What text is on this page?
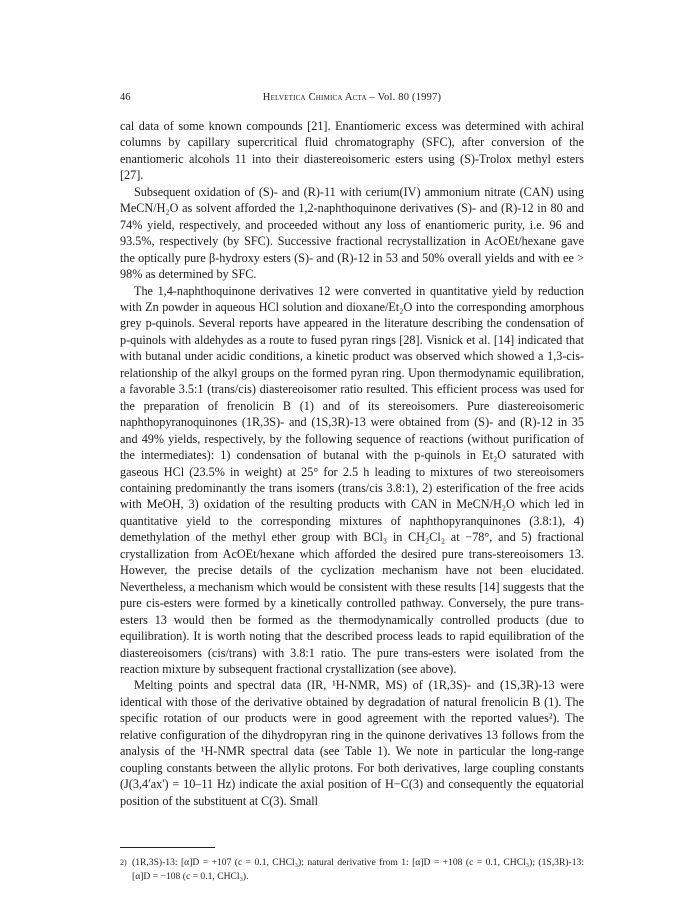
46	Helvetica Chimica Acta – Vol. 80 (1997)

cal data of some known compounds [21]. Enantiomeric excess was determined with achiral columns by capillary supercritical fluid chromatography (SFC), after conversion of the enantiomeric alcohols 11 into their diastereoisomeric esters using (S)-Trolox methyl esters [27].

Subsequent oxidation of (S)- and (R)-11 with cerium(IV) ammonium nitrate (CAN) using MeCN/H₂O as solvent afforded the 1,2-naphthoquinone derivatives (S)- and (R)-12 in 80 and 74% yield, respectively, and proceeded without any loss of enantiomeric purity, i.e. 96 and 93.5%, respectively (by SFC). Successive fractional recrystallization in AcOEt/hexane gave the optically pure β-hydroxy esters (S)- and (R)-12 in 53 and 50% overall yields and with ee > 98% as determined by SFC.

The 1,4-naphthoquinone derivatives 12 were converted in quantitative yield by reduction with Zn powder in aqueous HCl solution and dioxane/Et₂O into the corresponding amorphous grey p-quinols. Several reports have appeared in the literature describing the condensation of p-quinols with aldehydes as a route to fused pyran rings [28]. Visnick et al. [14] indicated that with butanal under acidic conditions, a kinetic product was observed which showed a 1,3-cis-relationship of the alkyl groups on the formed pyran ring. Upon thermodynamic equilibration, a favorable 3.5:1 (trans/cis) diastereoisomer ratio resulted. This efficient process was used for the preparation of frenolicin B (1) and of its stereoisomers. Pure diastereoisomeric naphthopyranoquinones (1R,3S)- and (1S,3R)-13 were obtained from (S)- and (R)-12 in 35 and 49% yields, respectively, by the following sequence of reactions (without purification of the intermediates): 1) condensation of butanal with the p-quinols in Et₂O saturated with gaseous HCl (23.5% in weight) at 25° for 2.5 h leading to mixtures of two stereoisomers containing predominantly the trans isomers (trans/cis 3.8:1), 2) esterification of the free acids with MeOH, 3) oxidation of the resulting products with CAN in MeCN/H₂O which led in quantitative yield to the corresponding mixtures of naphthopyranquinones (3.8:1), 4) demethylation of the methyl ether group with BCl₃ in CH₂Cl₂ at −78°, and 5) fractional crystallization from AcOEt/hexane which afforded the desired pure trans-stereoisomers 13. However, the precise details of the cyclization mechanism have not been elucidated. Nevertheless, a mechanism which would be consistent with these results [14] suggests that the pure cis-esters were formed by a kinetically controlled pathway. Conversely, the pure trans-esters 13 would then be formed as the thermodynamically controlled products (due to equilibration). It is worth noting that the described process leads to rapid equilibration of the diastereoisomers (cis/trans) with 3.8:1 ratio. The pure trans-esters were isolated from the reaction mixture by subsequent fractional crystallization (see above).

Melting points and spectral data (IR, ¹H-NMR, MS) of (1R,3S)- and (1S,3R)-13 were identical with those of the derivative obtained by degradation of natural frenolicin B (1). The specific rotation of our products were in good agreement with the reported values²). The relative configuration of the dihydropyran ring in the quinone derivatives 13 follows from the analysis of the ¹H-NMR spectral data (see Table 1). We note in particular the long-range coupling constants between the allylic protons. For both derivatives, large coupling constants (J(3,4ʹax') = 10–11 Hz) indicate the axial position of H−C(3) and consequently the equatorial position of the substituent at C(3). Small

2) (1R,3S)-13: [α]D = +107 (c = 0.1, CHCl₃); natural derivative from 1: [α]D = +108 (c = 0.1, CHCl₃); (1S,3R)-13: [α]D = −108 (c = 0.1, CHCl₃).
